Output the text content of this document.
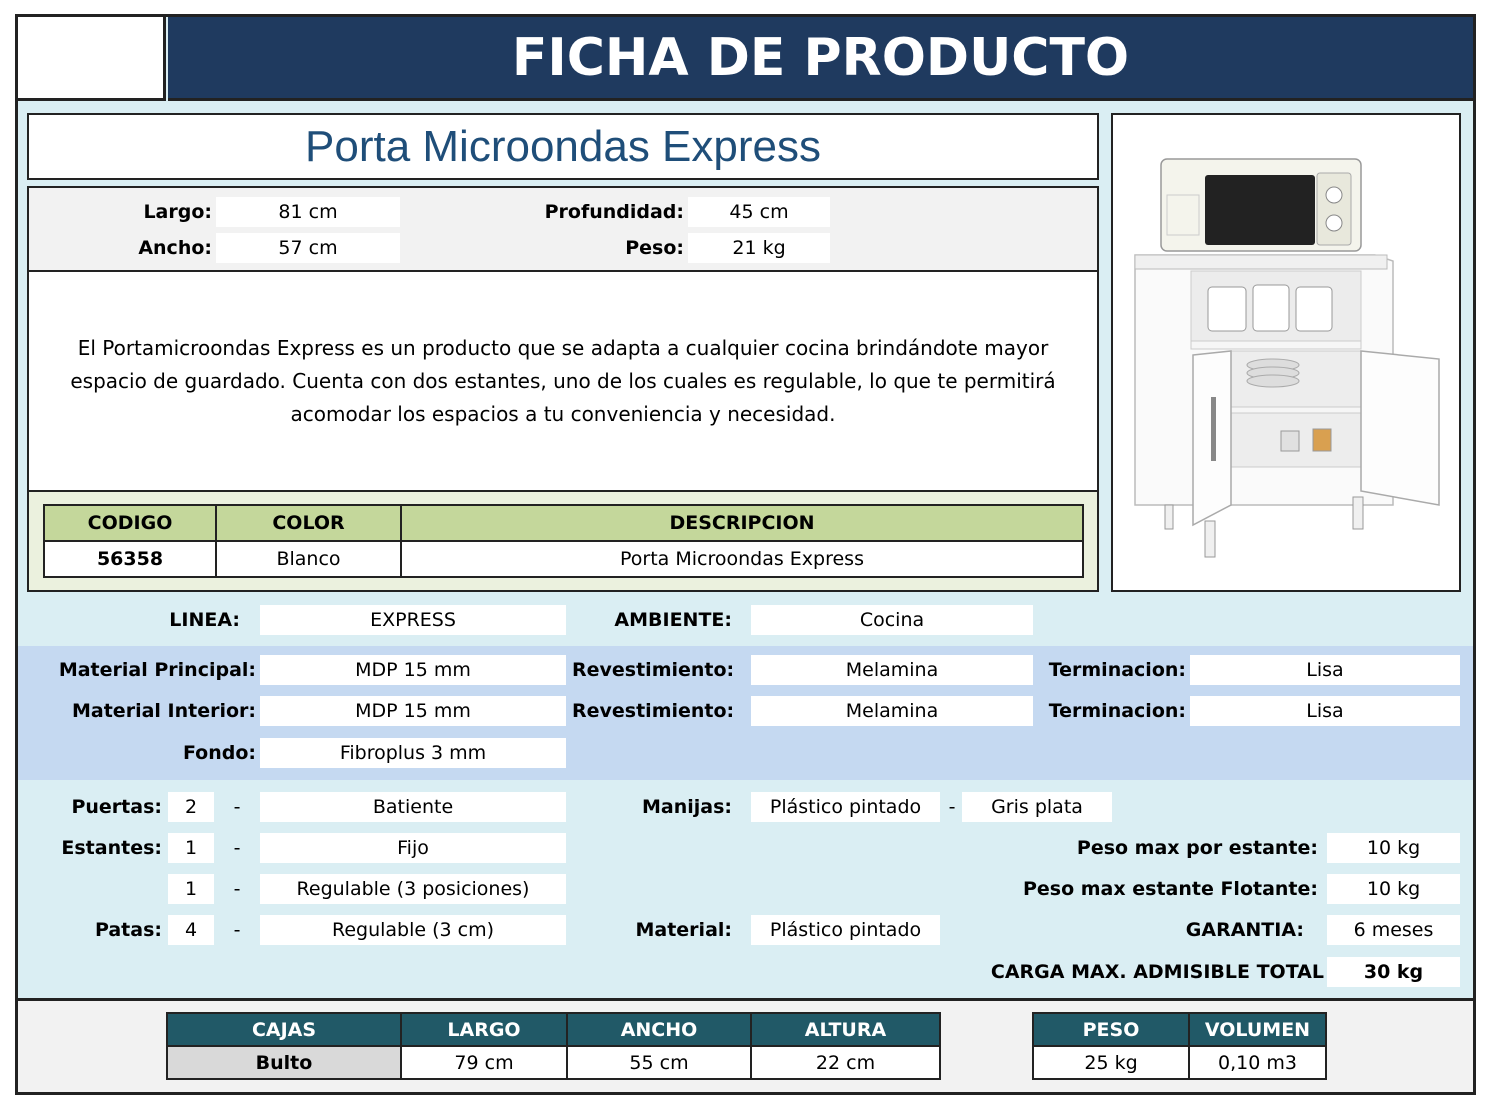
FICHA DE PRODUCTO
Porta Microondas Express
Largo:	81 cm
Ancho:	57 cm
Profundidad:	45 cm
Peso:	21 kg
El Portamicroondas Express es un producto que se adapta a cualquier cocina brindándote mayor espacio de guardado. Cuenta con dos estantes, uno de los cuales es regulable, lo que te permitirá acomodar los espacios a tu conveniencia y necesidad.
CODIGO	COLOR	DESCRIPCION
56358	Blanco	Porta Microondas Express
LINEA:	EXPRESS	AMBIENTE:	Cocina
Material Principal:	MDP 15 mm	Revestimiento:	Melamina	Terminacion:	Lisa
Material Interior:	MDP 15 mm	Revestimiento:	Melamina	Terminacion:	Lisa
Fondo:	Fibroplus 3 mm
Puertas:	2	-	Batiente	Manijas:	Plástico pintado	-	Gris plata
Estantes:	1	-	Fijo	Peso max por estante:	10 kg
1	-	Regulable (3 posiciones)	Peso max estante Flotante:	10 kg
Patas:	4	-	Regulable (3 cm)	Material:	Plástico pintado	GARANTIA:	6 meses
CARGA MAX. ADMISIBLE TOTAL	30 kg
CAJAS	LARGO	ANCHO	ALTURA
Bulto	79 cm	55 cm	22 cm
PESO	VOLUMEN
25 kg	0,10 m3
